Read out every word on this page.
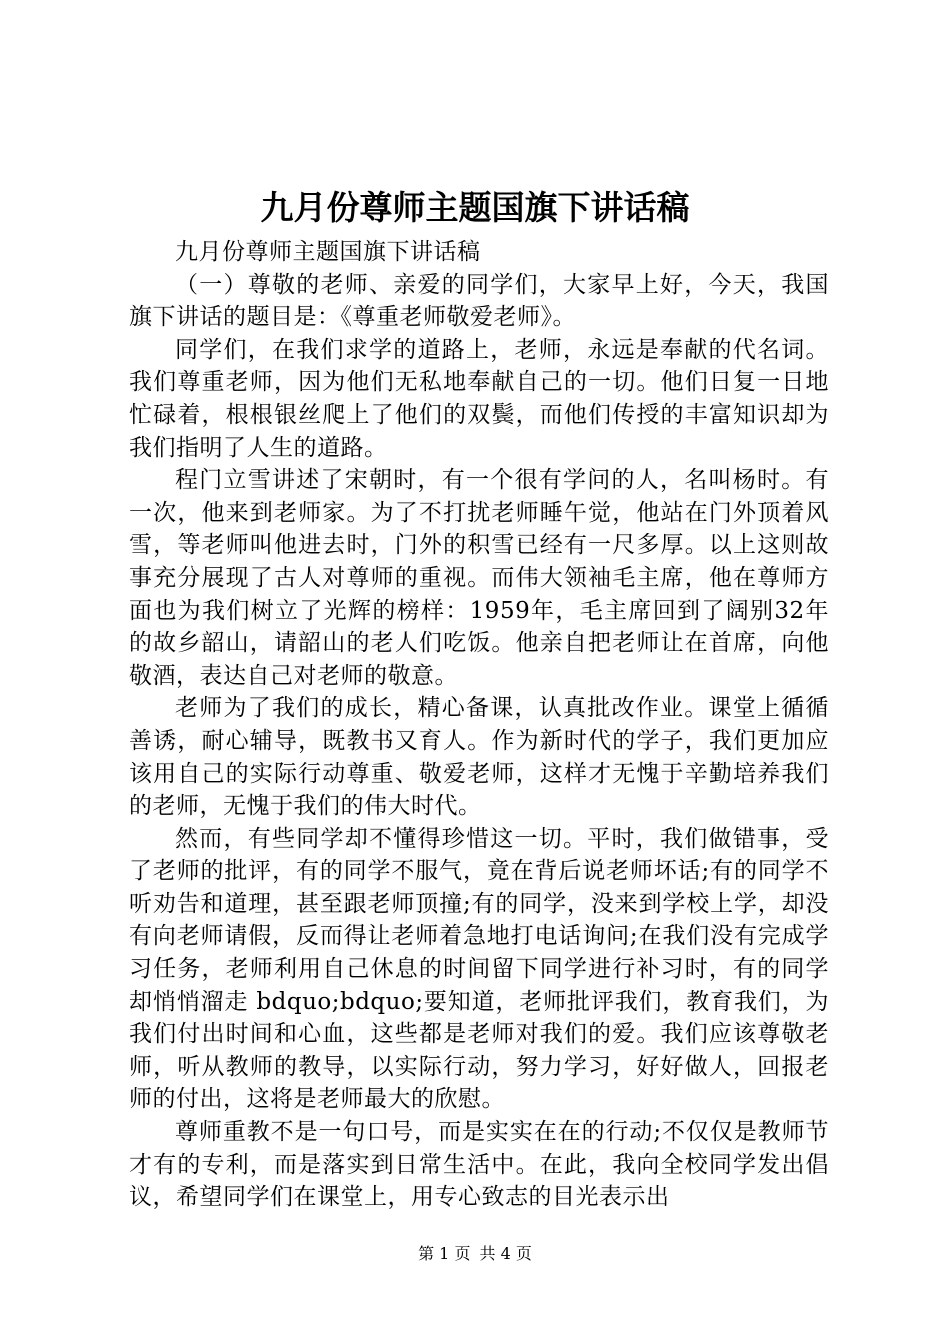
九月份尊师主题国旗下讲话稿

九月份尊师主题国旗下讲话稿

（一）尊敬的老师、亲爱的同学们，大家早上好，今天，我国旗下讲话的题目是：《尊重老师敬爱老师》。

同学们，在我们求学的道路上，老师，永远是奉献的代名词。我们尊重老师，因为他们无私地奉献自己的一切。他们日复一日地忙碌着，根根银丝爬上了他们的双鬓，而他们传授的丰富知识却为我们指明了人生的道路。

程门立雪讲述了宋朝时，有一个很有学问的人，名叫杨时。有一次，他来到老师家。为了不打扰老师睡午觉，他站在门外顶着风雪，等老师叫他进去时，门外的积雪已经有一尺多厚。以上这则故事充分展现了古人对尊师的重视。而伟大领袖毛主席，他在尊师方面也为我们树立了光辉的榜样：1959年，毛主席回到了阔别32年的故乡韶山，请韶山的老人们吃饭。他亲自把老师让在首席，向他敬酒，表达自己对老师的敬意。

老师为了我们的成长，精心备课，认真批改作业。课堂上循循善诱，耐心辅导，既教书又育人。作为新时代的学子，我们更加应该用自己的实际行动尊重、敬爱老师，这样才无愧于辛勤培养我们的老师，无愧于我们的伟大时代。

然而，有些同学却不懂得珍惜这一切。平时，我们做错事，受了老师的批评，有的同学不服气，竟在背后说老师坏话;有的同学不听劝告和道理，甚至跟老师顶撞;有的同学，没来到学校上学，却没有向老师请假，反而得让老师着急地打电话询问;在我们没有完成学习任务，老师利用自己休息的时间留下同学进行补习时，有的同学却悄悄溜走 bdquo;bdquo;要知道，老师批评我们，教育我们，为我们付出时间和心血，这些都是老师对我们的爱。我们应该尊敬老师，听从教师的教导，以实际行动，努力学习，好好做人，回报老师的付出，这将是老师最大的欣慰。

尊师重教不是一句口号，而是实实在在的行动;不仅仅是教师节才有的专利，而是落实到日常生活中。在此，我向全校同学发出倡议，希望同学们在课堂上，用专心致志的目光表示出

第 1 页 共 4 页
